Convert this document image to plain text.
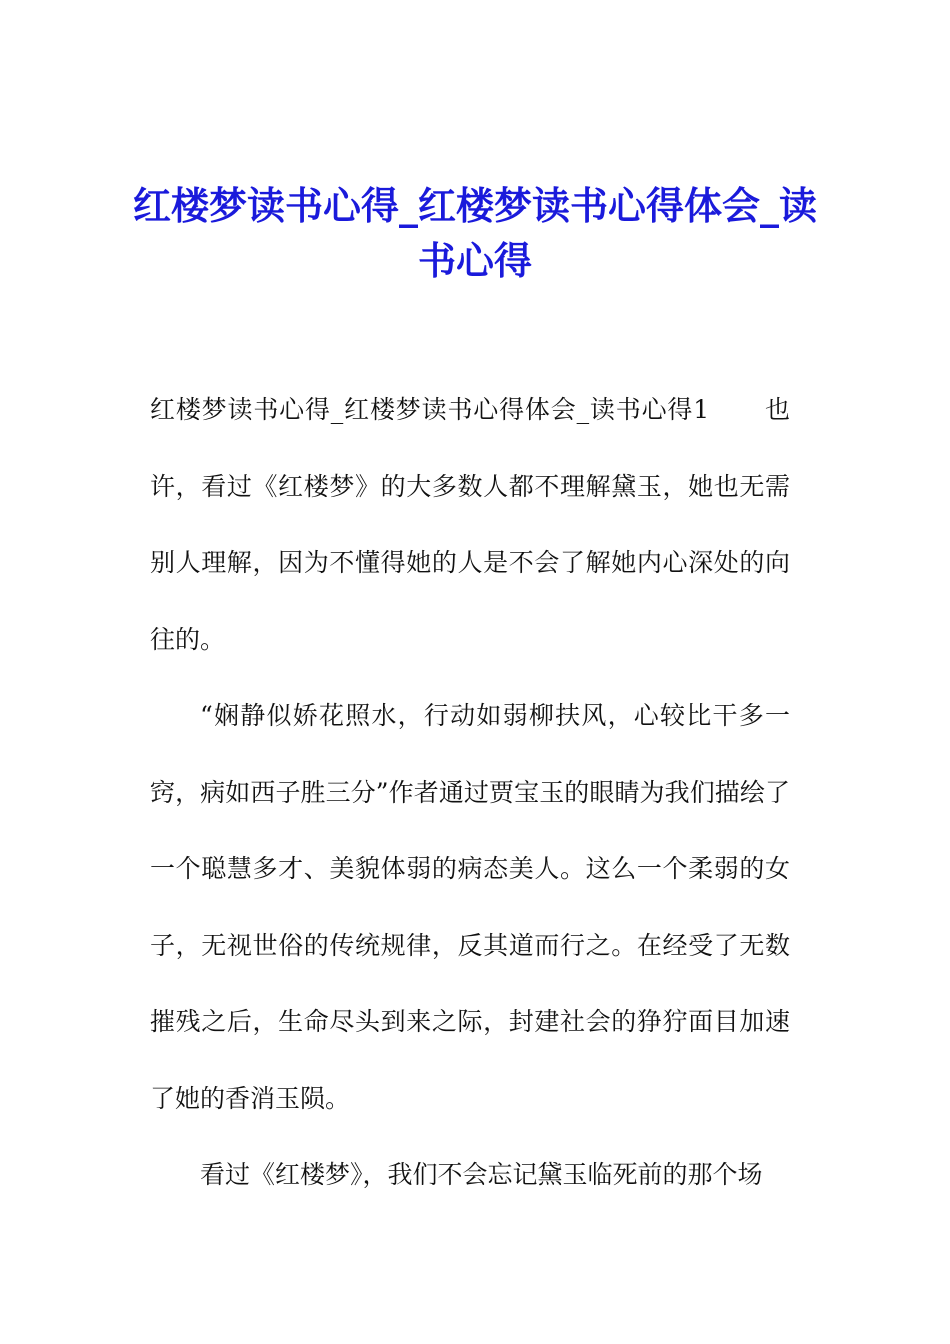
红楼梦读书心得_红楼梦读书心得体会_读书心得

红楼梦读书心得_红楼梦读书心得体会_读书心得1 也许，看过《红楼梦》的大多数人都不理解黛玉，她也无需别人理解，因为不懂得她的人是不会了解她内心深处的向往的。

“娴静似娇花照水，行动如弱柳扶风，心较比干多一窍，病如西子胜三分”作者通过贾宝玉的眼睛为我们描绘了一个聪慧多才、美貌体弱的病态美人。这么一个柔弱的女子，无视世俗的传统规律，反其道而行之。在经受了无数摧残之后，生命尽头到来之际，封建社会的狰狞面目加速了她的香消玉陨。

看过《红楼梦》，我们不会忘记黛玉临死前的那个场
